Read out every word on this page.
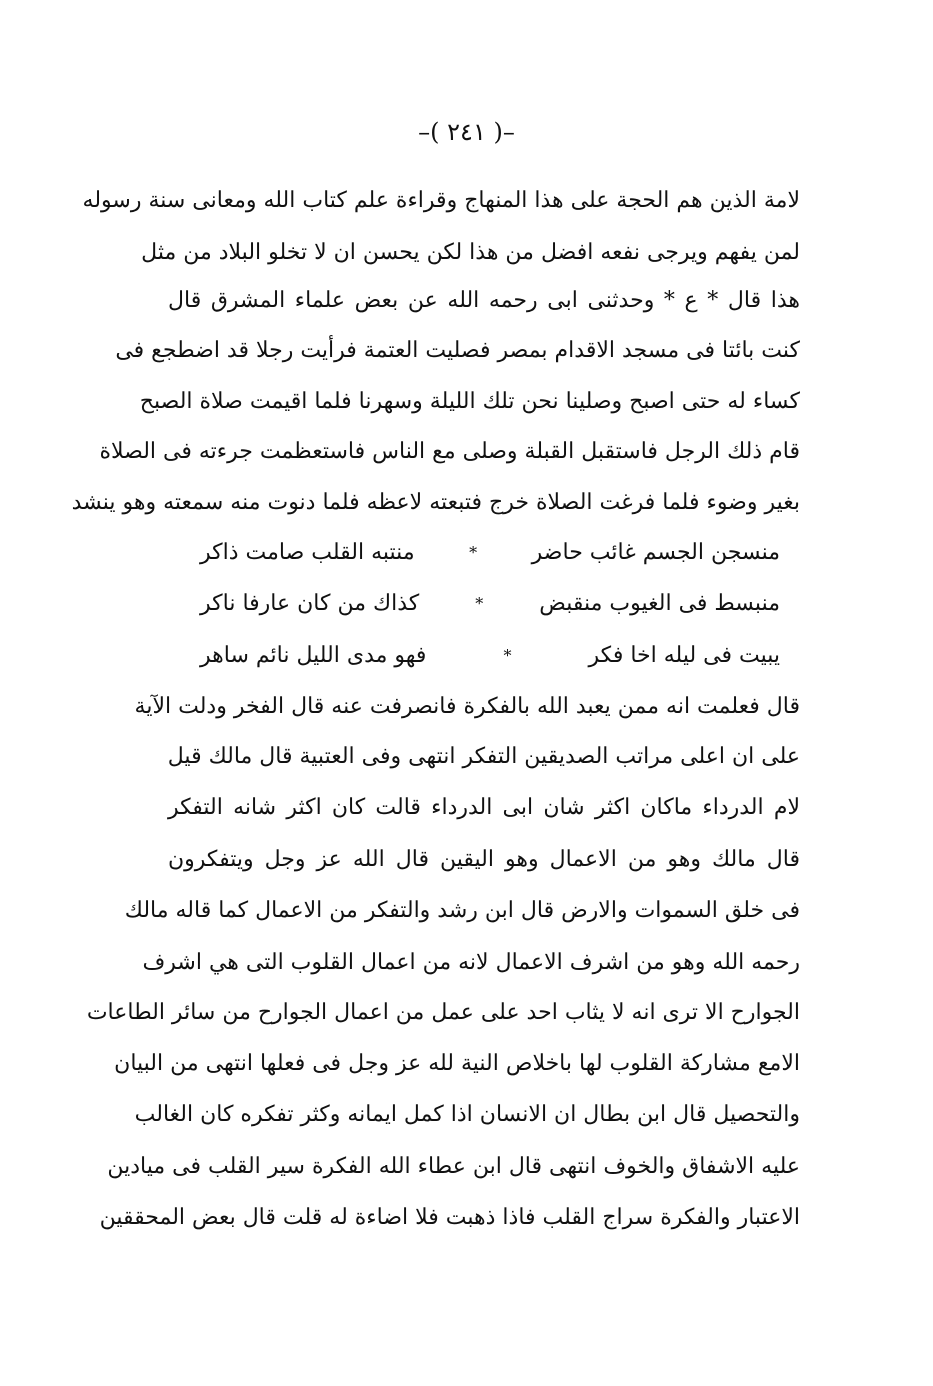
–( ٢٤١ )–
لامة الذين هم الحجة على هذا المنهاج وقراءة علم كتاب الله ومعانى سنة رسوله
لمن يفهم ويرجى نفعه افضل من هذا لكن يحسن ان لا تخلو البلاد من مثل
هذا قال * ع * وحدثنى ابى رحمه الله عن بعض علماء المشرق قال
كنت بائتا فى مسجد الاقدام بمصر فصليت العتمة فرأيت رجلا قد اضطجع فى
كساء له حتى اصبح وصلينا نحن تلك الليلة وسهرنا فلما اقيمت صلاة الصبح
قام ذلك الرجل فاستقبل القبلة وصلى مع الناس فاستعظمت جرءته فى الصلاة
بغير وضوء فلما فرغت الصلاة خرج فتبعته لاعظه فلما دنوت منه سمعته وهو ينشد
منسجن الجسم غائب حاضر
*
منتبه القلب صامت ذاكر
منبسط فى الغيوب منقبض
*
كذاك من كان عارفا ناكر
يبيت فى ليله اخا فكر
*
فهو مدى الليل نائم ساهر
قال فعلمت انه ممن يعبد الله بالفكرة فانصرفت عنه قال الفخر ودلت الآية
على ان اعلى مراتب الصديقين التفكر انتهى وفى العتبية قال مالك قيل
لام الدرداء ماكان اكثر شان ابى الدرداء قالت كان اكثر شانه التفكر
قال مالك وهو من الاعمال وهو اليقين قال الله عز وجل ويتفكرون
فى خلق السموات والارض قال ابن رشد والتفكر من الاعمال كما قاله مالك
رحمه الله وهو من اشرف الاعمال لانه من اعمال القلوب التى هي اشرف
الجوارح الا ترى انه لا يثاب احد على عمل من اعمال الجوارح من سائر الطاعات
الامع مشاركة القلوب لها باخلاص النية لله عز وجل فى فعلها انتهى من البيان
والتحصيل قال ابن بطال ان الانسان اذا كمل ايمانه وكثر تفكره كان الغالب
عليه الاشفاق والخوف انتهى قال ابن عطاء الله الفكرة سير القلب فى ميادين
الاعتبار والفكرة سراج القلب فاذا ذهبت فلا اضاءة له قلت قال بعض المحققين
